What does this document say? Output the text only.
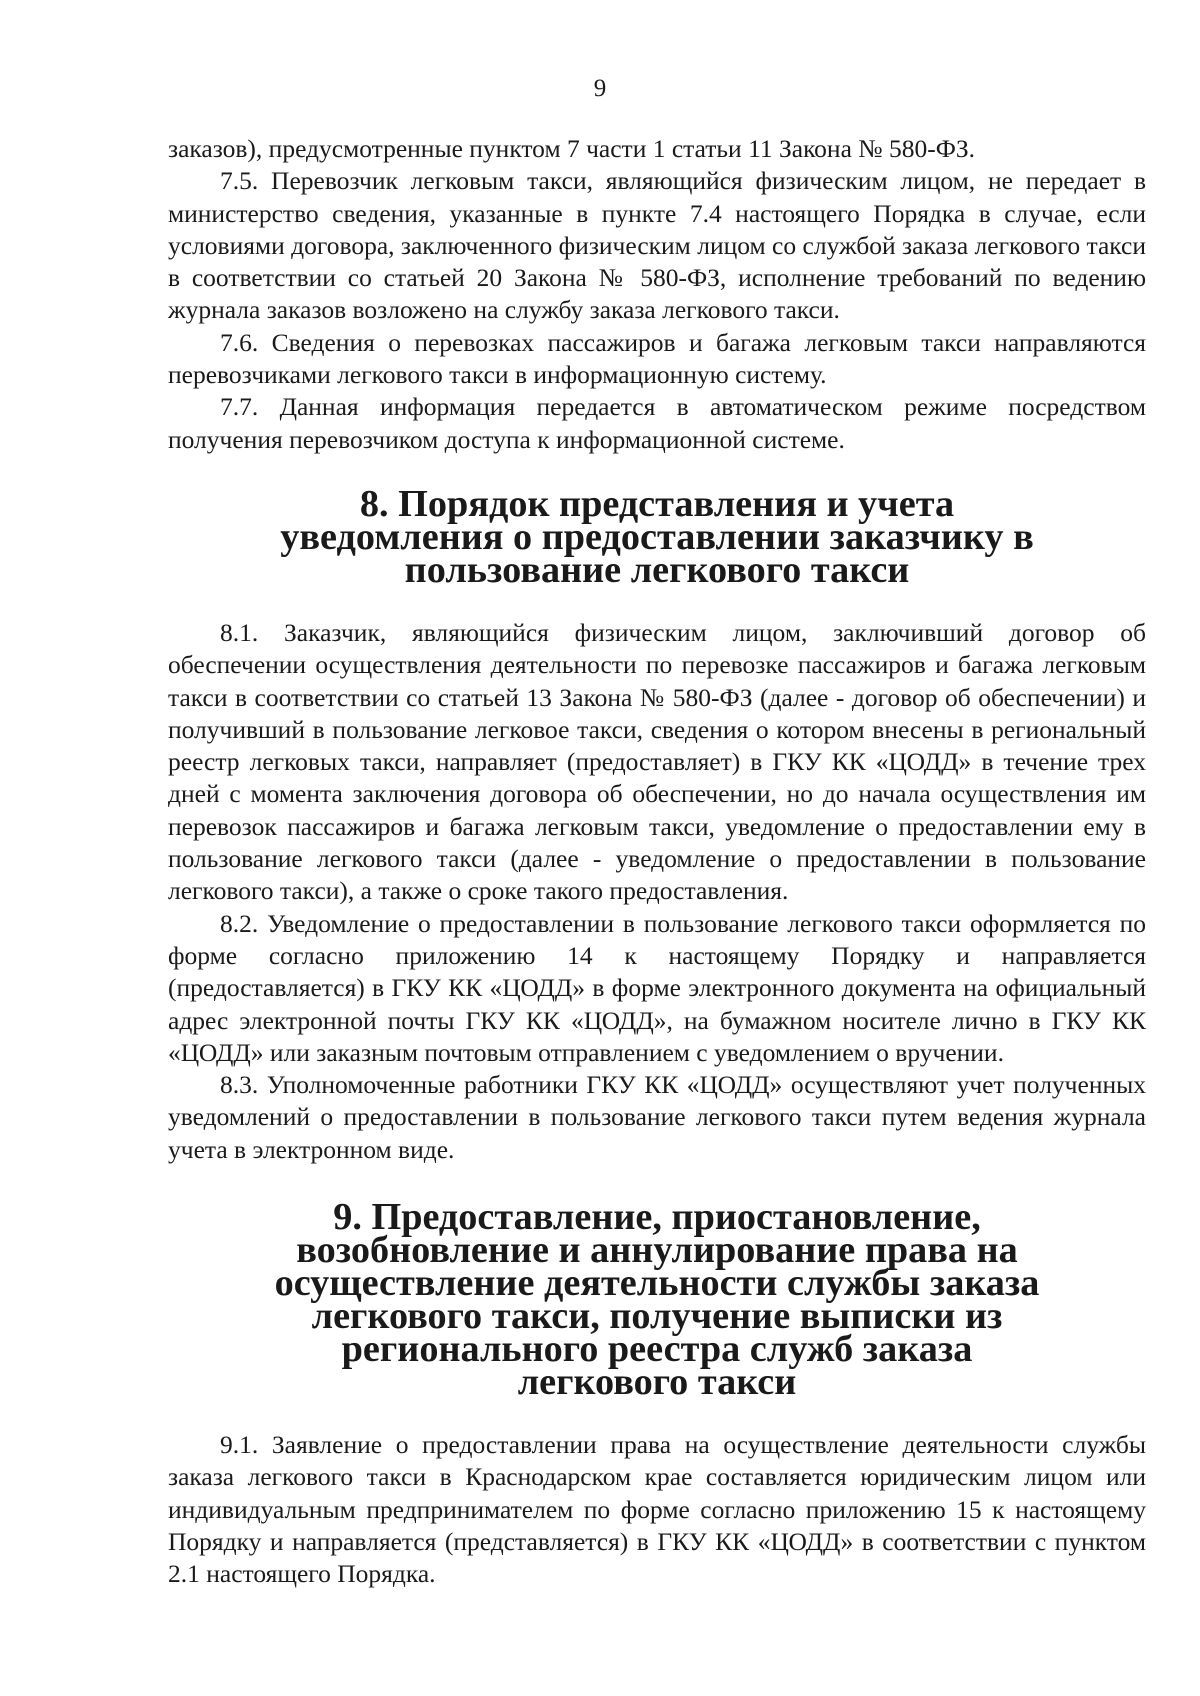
9

заказов), предусмотренные пунктом 7 части 1 статьи 11 Закона № 580-ФЗ.

7.5. Перевозчик легковым такси, являющийся физическим лицом, не передает в министерство сведения, указанные в пункте 7.4 настоящего Порядка в случае, если условиями договора, заключенного физическим лицом со службой заказа легкового такси в соответствии со статьей 20 Закона № 580-ФЗ, исполнение требований по ведению журнала заказов возложено на службу заказа легкового такси.

7.6. Сведения о перевозках пассажиров и багажа легковым такси направляются перевозчиками легкового такси в информационную систему.

7.7. Данная информация передается в автоматическом режиме посредством получения перевозчиком доступа к информационной системе.

8. Порядок представления и учета уведомления о предоставлении заказчику в пользование легкового такси

8.1. Заказчик, являющийся физическим лицом, заключивший договор об обеспечении осуществления деятельности по перевозке пассажиров и багажа легковым такси в соответствии со статьей 13 Закона № 580-ФЗ (далее - договор об обеспечении) и получивший в пользование легковое такси, сведения о котором внесены в региональный реестр легковых такси, направляет (предоставляет) в ГКУ КК «ЦОДД» в течение трех дней с момента заключения договора об обеспечении, но до начала осуществления им перевозок пассажиров и багажа легковым такси, уведомление о предоставлении ему в пользование легкового такси (далее - уведомление о предоставлении в пользование легкового такси), а также о сроке такого предоставления.

8.2. Уведомление о предоставлении в пользование легкового такси оформляется по форме согласно приложению 14 к настоящему Порядку и направляется (предоставляется) в ГКУ КК «ЦОДД» в форме электронного документа на официальный адрес электронной почты ГКУ КК «ЦОДД», на бумажном носителе лично в ГКУ КК «ЦОДД» или заказным почтовым отправлением с уведомлением о вручении.

8.3. Уполномоченные работники ГКУ КК «ЦОДД» осуществляют учет полученных уведомлений о предоставлении в пользование легкового такси путем ведения журнала учета в электронном виде.

9. Предоставление, приостановление, возобновление и аннулирование права на осуществление деятельности службы заказа легкового такси, получение выписки из регионального реестра служб заказа легкового такси

9.1. Заявление о предоставлении права на осуществление деятельности службы заказа легкового такси в Краснодарском крае составляется юридическим лицом или индивидуальным предпринимателем по форме согласно приложению 15 к настоящему Порядку и направляется (представляется) в ГКУ КК «ЦОДД» в соответствии с пунктом 2.1 настоящего Порядка.
